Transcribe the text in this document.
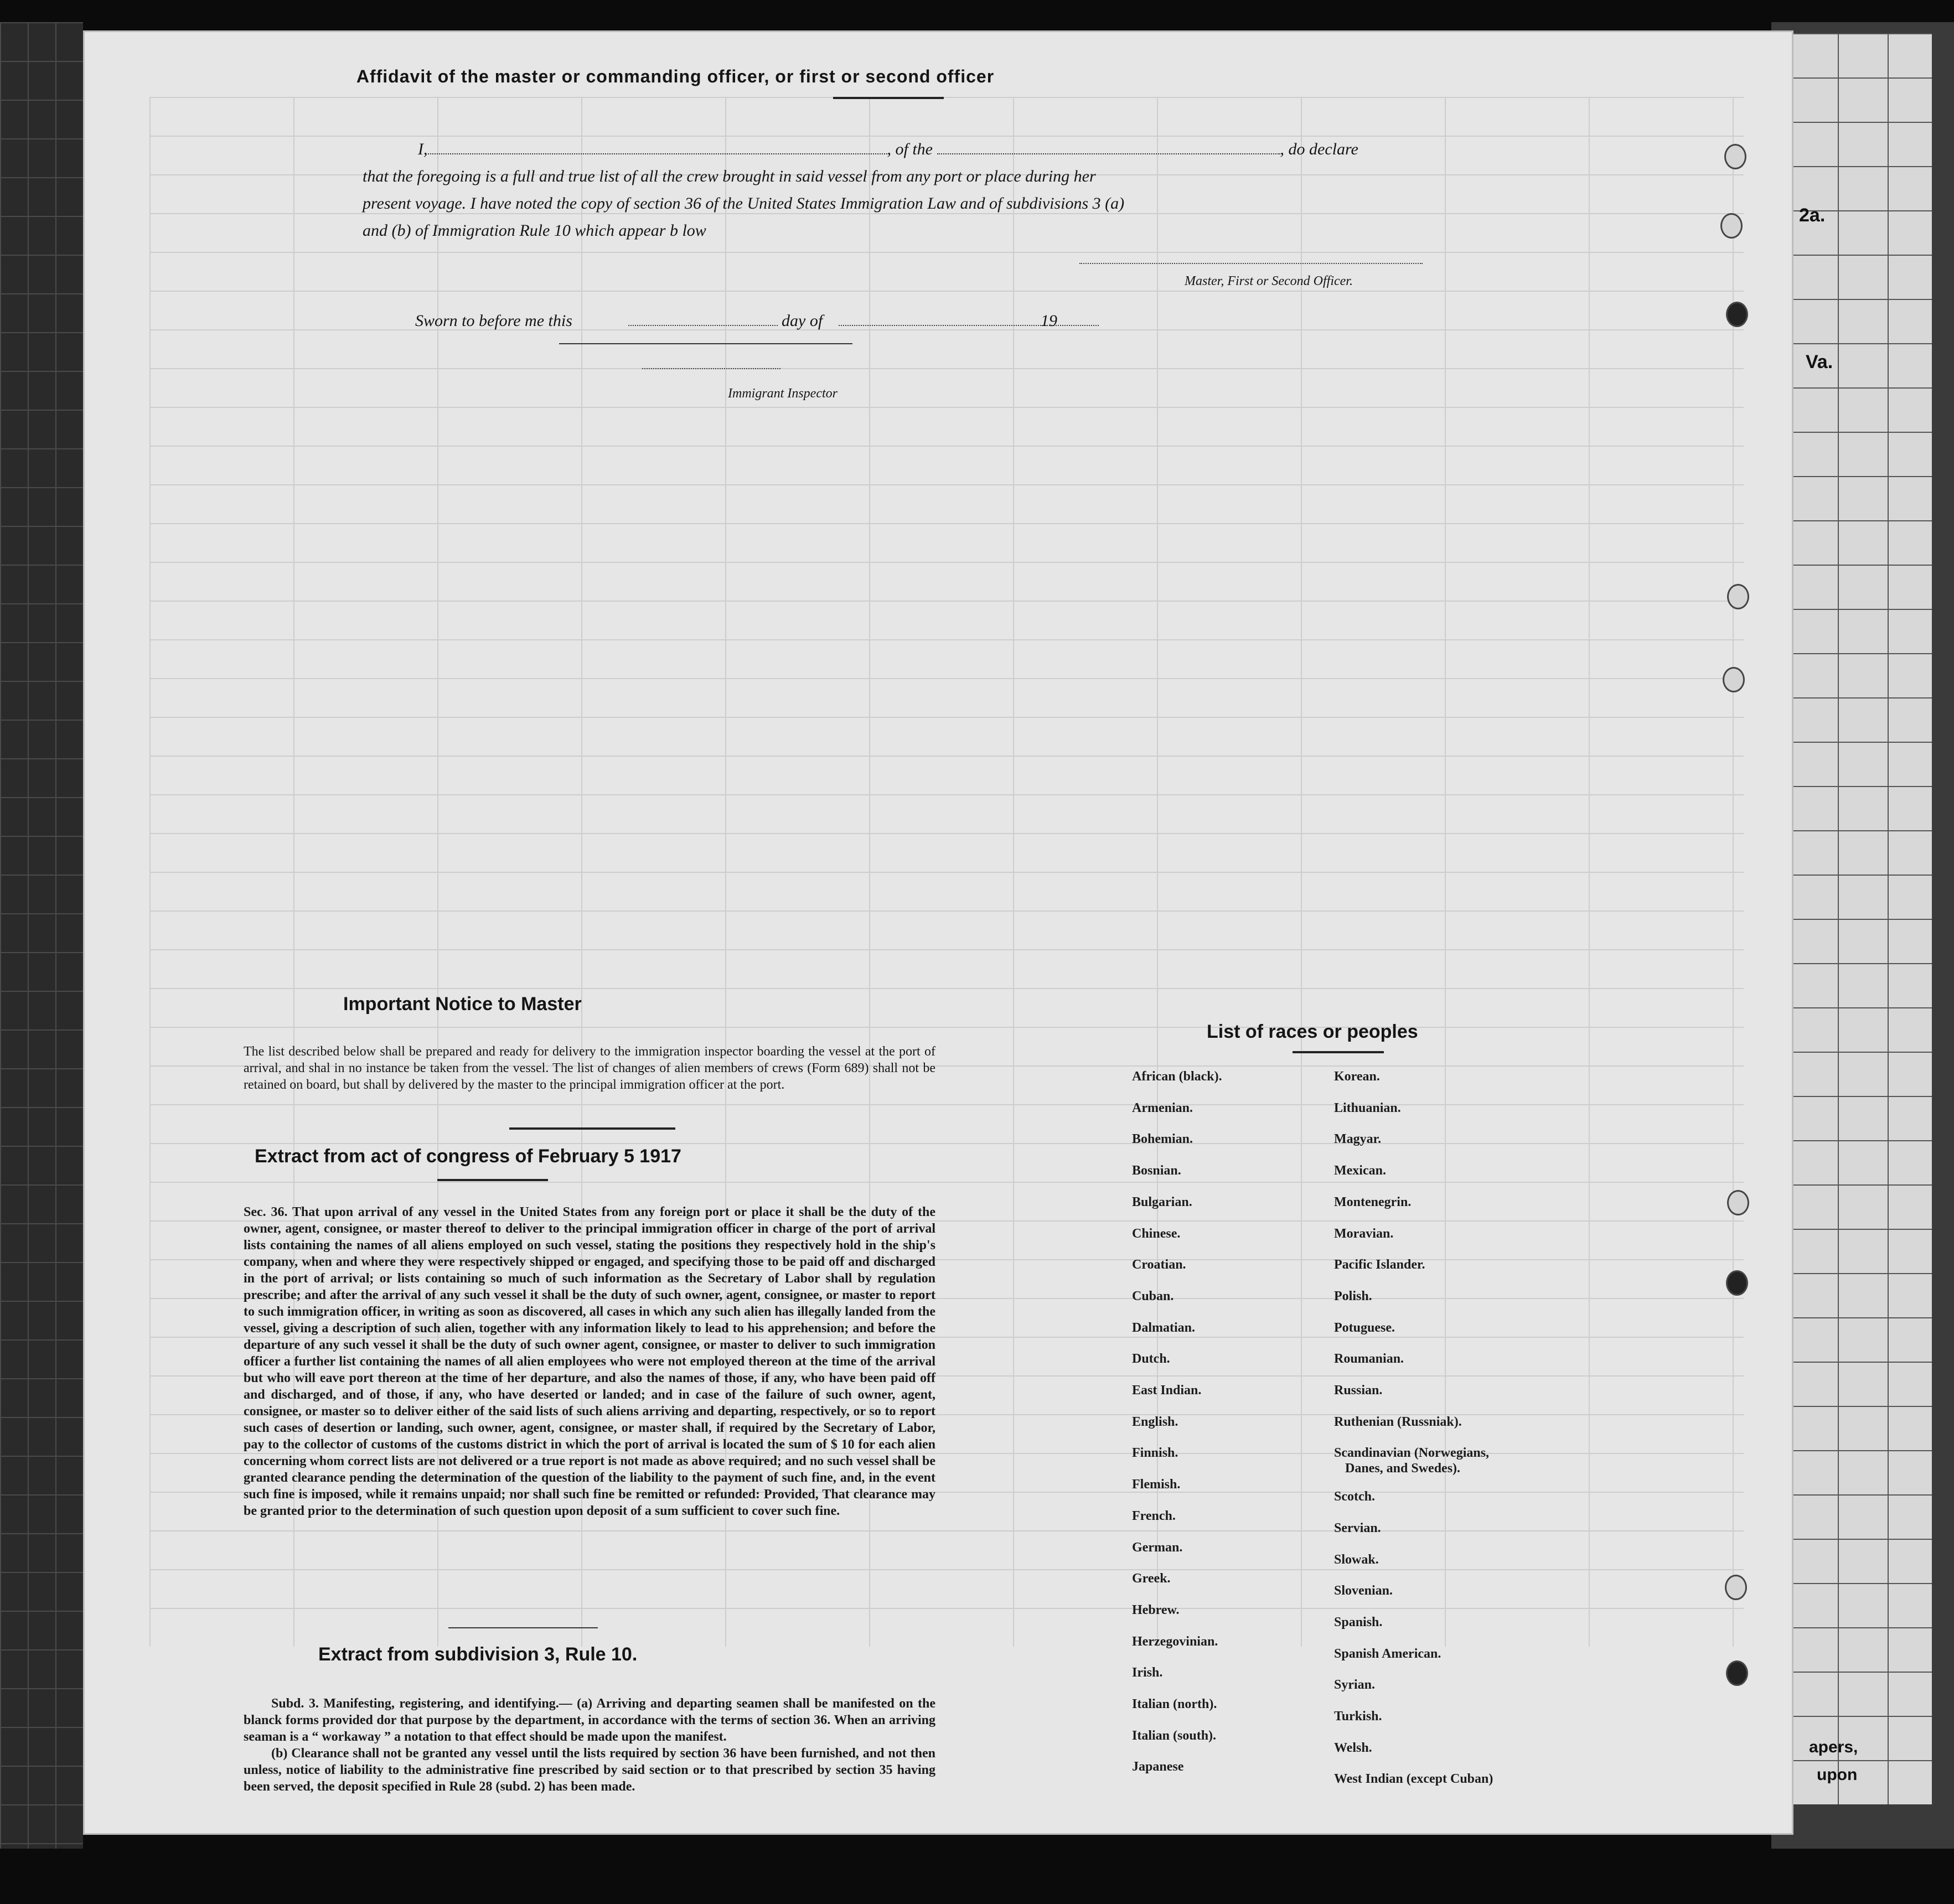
2a.
Va.
apers,
upon
Affidavit of the master or commanding officer, or first or second officer
I,	, of the	, do declare
that the foregoing is a full and true list of all the crew brought in said vessel from any port or place during her
present voyage. I have noted the copy of section 36 of the United States Immigration Law and of subdivisions 3 (a)
and (b) of Immigration Rule 10 which appear b low
Master, First or Second Officer.
Sworn to before me this	day of	19
Immigrant Inspector
Important Notice to Master
The list described below shall be prepared and ready for delivery to the immigration inspector boarding the vessel at the port of arrival, and shal in no instance be taken from the vessel. The list of changes of alien members of crews (Form 689) shall not be retained on board, but shall by delivered by the master to the principal immigration officer at the port.
Extract from act of congress of February 5 1917
Sec. 36. That upon arrival of any vessel in the United States from any foreign port or place it shall be the duty of the owner, agent, consignee, or master thereof to deliver to the principal immigration officer in charge of the port of arrival lists containing the names of all aliens employed on such vessel, stating the positions they respectively hold in the ship's company, when and where they were respectively shipped or engaged, and specifying those to be paid off and discharged in the port of arrival; or lists containing so much of such information as the Secretary of Labor shall by regulation prescribe; and after the arrival of any such vessel it shall be the duty of such owner, agent, consignee, or master to report to such immigration officer, in writing as soon as discovered, all cases in which any such alien has illegally landed from the vessel, giving a description of such alien, together with any information likely to lead to his apprehension; and before the departure of any such vessel it shall be the duty of such owner agent, consignee, or master to deliver to such immigration officer a further list containing the names of all alien employees who were not employed thereon at the time of the arrival but who will eave port thereon at the time of her departure, and also the names of those, if any, who have been paid off and discharged, and of those, if any, who have deserted or landed; and in case of the failure of such owner, agent, consignee, or master so to deliver either of the said lists of such aliens arriving and departing, respectively, or so to report such cases of desertion or landing, such owner, agent, consignee, or master shall, if required by the Secretary of Labor, pay to the collector of customs of the customs district in which the port of arrival is located the sum of $ 10 for each alien concerning whom correct lists are not delivered or a true report is not made as above required; and no such vessel shall be granted clearance pending the determination of the question of the liability to the payment of such fine, and, in the event such fine is imposed, while it remains unpaid; nor shall such fine be remitted or refunded: Provided, That clearance may be granted prior to the determination of such question upon deposit of a sum sufficient to cover such fine.
Extract from subdivision 3, Rule 10.

Subd. 3. Manifesting, registering, and identifying.— (a) Arriving and departing seamen shall be manifested on the blanck forms provided dor that purpose by the department, in accordance with the terms of section 36. When an arriving seaman is a “ workaway ” a notation to that effect should be made upon the manifest.

(b) Clearance shall not be granted any vessel until the lists required by section 36 have been furnished, and not then unless, notice of liability to the administrative fine prescribed by said section or to that prescribed by section 35 having been served, the deposit specified in Rule 28 (subd. 2) has been made.

List of races or peoples
African (black).
Armenian.
Bohemian.
Bosnian.
Bulgarian.
Chinese.
Croatian.
Cuban.
Dalmatian.
Dutch.
East Indian.
English.
Finnish.
Flemish.
French.
German.
Greek.
Hebrew.
Herzegovinian.
Irish.
Italian (north).
Italian (south).
Japanese
Korean.
Lithuanian.
Magyar.
Mexican.
Montenegrin.
Moravian.
Pacific Islander.
Polish.
Potuguese.
Roumanian.
Russian.
Ruthenian (Russniak).
Scandinavian (Norwegians,
Danes, and Swedes).
Scotch.
Servian.
Slowak.
Slovenian.
Spanish.
Spanish American.
Syrian.
Turkish.
Welsh.
West Indian (except Cuban)
